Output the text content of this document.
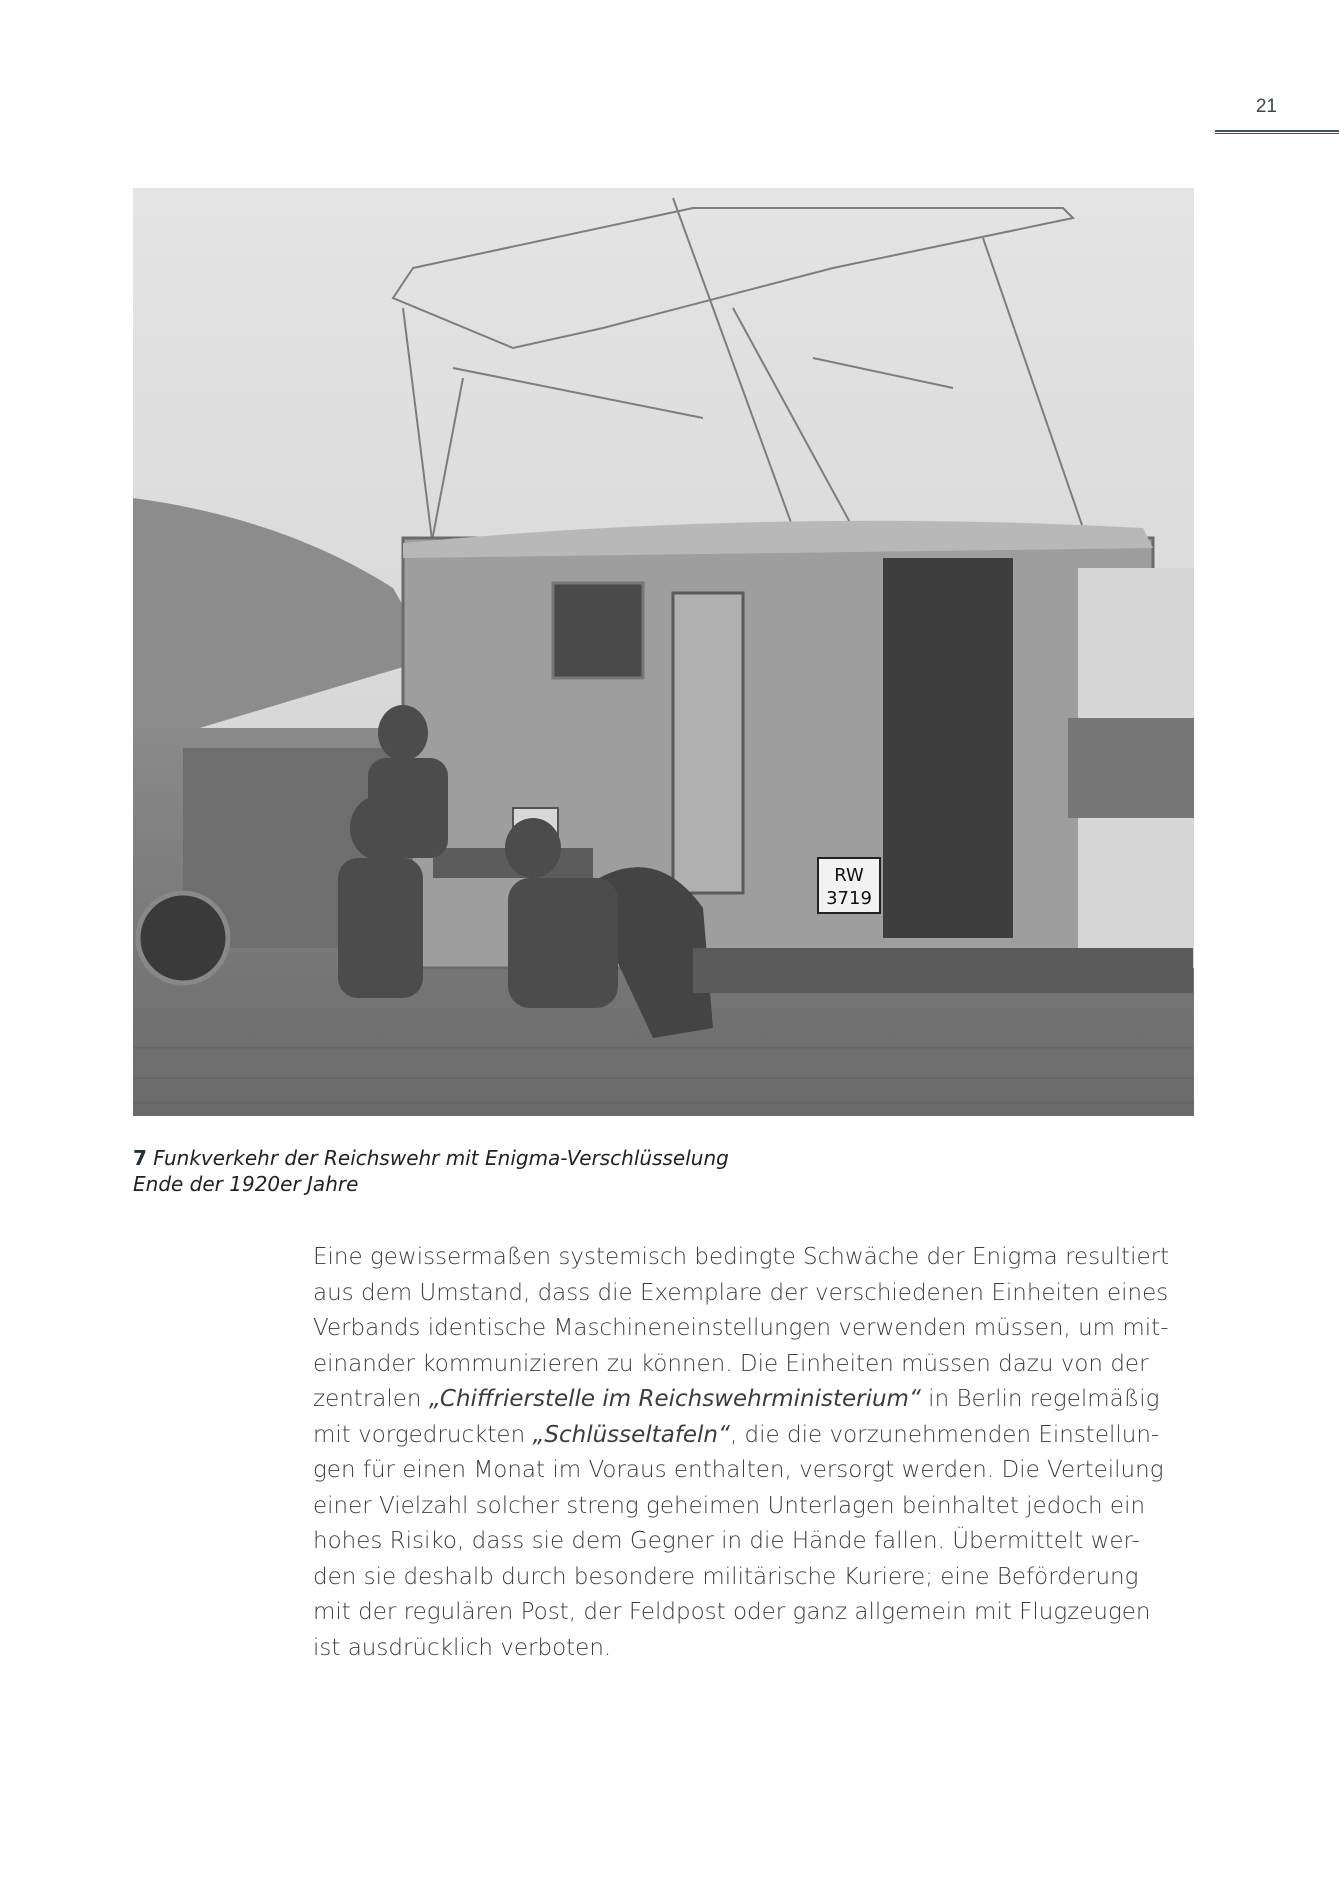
21
RW
3719
7 Funkverkehr der Reichswehr mit Enigma-Verschlüsselung
Ende der 1920er Jahre
Eine gewissermaßen systemisch bedingte Schwäche der Enigma resultiert
aus dem Umstand, dass die Exemplare der verschiedenen Einheiten eines
Verbands identische Maschineneinstellungen verwenden müssen, um mit-
einander kommunizieren zu können. Die Einheiten müssen dazu von der
zentralen „Chiffrierstelle im Reichswehrministerium“ in Berlin regelmäßig
mit vorgedruckten „Schlüsseltafeln“, die die vorzunehmenden Einstellun-
gen für einen Monat im Voraus enthalten, versorgt werden. Die Verteilung
einer Vielzahl solcher streng geheimen Unterlagen beinhaltet jedoch ein
hohes Risiko, dass sie dem Gegner in die Hände fallen. Übermittelt wer-
den sie deshalb durch besondere militärische Kuriere; eine Beförderung
mit der regulären Post, der Feldpost oder ganz allgemein mit Flugzeugen
ist ausdrücklich verboten.
